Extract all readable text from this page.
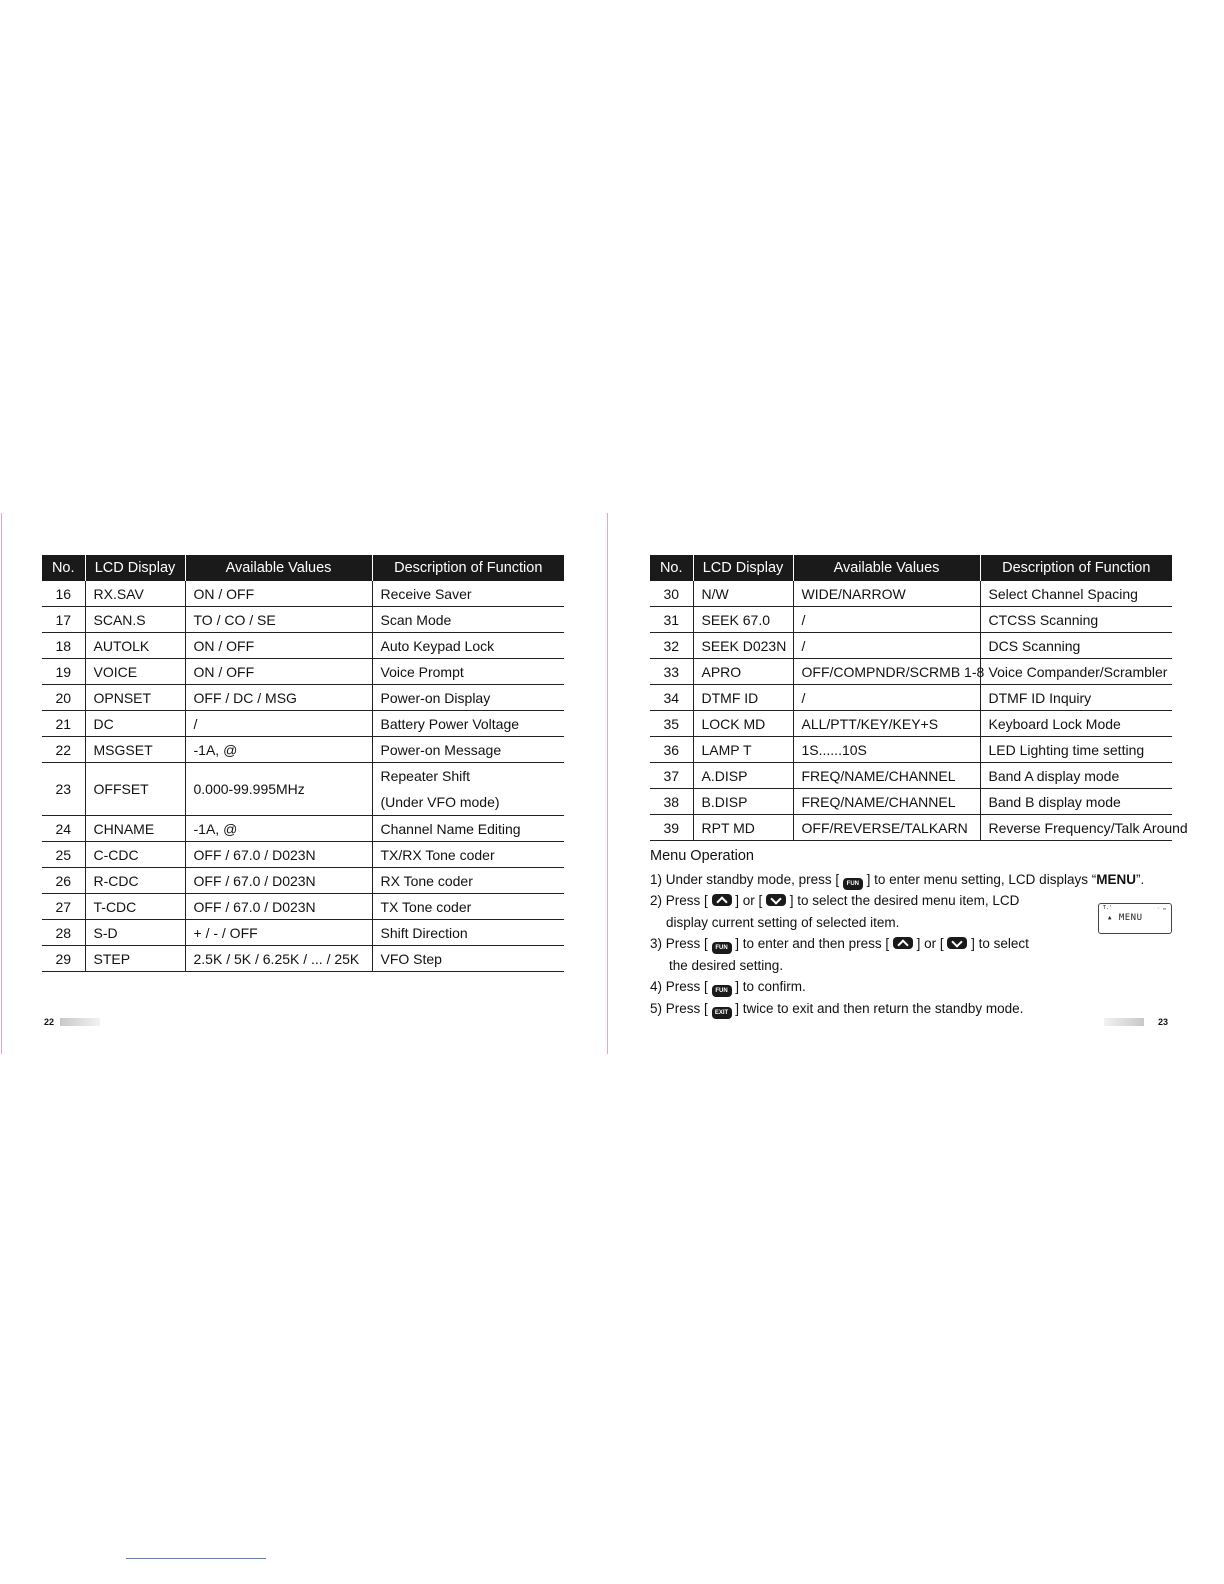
No.	LCD Display	Available Values	Description of Function
16	RX.SAV	ON / OFF	Receive Saver
17	SCAN.S	TO / CO / SE	Scan Mode
18	AUTOLK	ON / OFF	Auto Keypad Lock
19	VOICE	ON / OFF	Voice Prompt
20	OPNSET	OFF / DC / MSG	Power-on Display
21	DC	/	Battery Power Voltage
22	MSGSET	-1A, @	Power-on Message
23	OFFSET	0.000-99.995MHz	Repeater Shift
(Under VFO mode)

24	CHNAME	-1A, @	Channel Name Editing
25	C-CDC	OFF / 67.0 / D023N	TX/RX Tone coder
26	R-CDC	OFF / 67.0 / D023N	RX Tone coder
27	T-CDC	OFF / 67.0 / D023N	TX Tone coder
28	S-D	+ / - / OFF	Shift Direction
29	STEP	2.5K / 5K / 6.25K / ... / 25K	VFO Step
No.	LCD Display	Available Values	Description of Function
30	N/W	WIDE/NARROW	Select Channel Spacing
31	SEEK 67.0	/	CTCSS Scanning
32	SEEK D023N	/	DCS Scanning
33	APRO	OFF/COMPNDR/SCRMB 1-8	Voice Compander/Scrambler
34	DTMF ID	/	DTMF ID Inquiry
35	LOCK MD	ALL/PTT/KEY/KEY+S	Keyboard Lock Mode
36	LAMP T	1S......10S	LED Lighting time setting
37	A.DISP	FREQ/NAME/CHANNEL	Band A display mode
38	B.DISP	FREQ/NAME/CHANNEL	Band B display mode
39	RPT MD	OFF/REVERSE/TALKARN	Reverse Frequency/Talk Around
Menu Operation
1) Under standby mode, press [ FUN ] to enter menu setting, LCD displays “MENU”.
2) Press [  ] or [  ] to select the desired menu item, LCD
display current setting of selected item.
3) Press [ FUN ] to enter and then press [  ] or [  ] to select
the desired setting.
4) Press [ FUN ] to confirm.
5) Press [ EXIT ] twice to exit and then return the standby mode.
T.'	◦ ▭
▴ MENU
22	23
